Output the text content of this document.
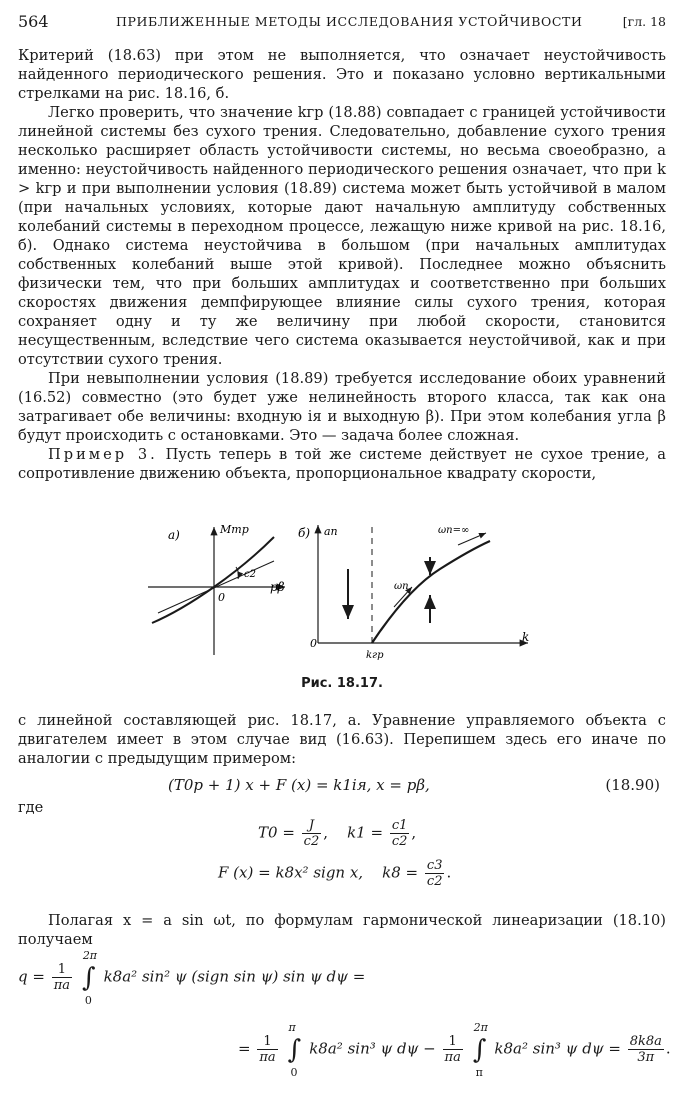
564	ПРИБЛИЖЕННЫЕ МЕТОДЫ ИССЛЕДОВАНИЯ УСТОЙЧИВОСТИ	[гл. 18

Критерий (18.63) при этом не выполняется, что означает неустойчивость найденного периодического решения. Это и показано условно вертикальными стрелками на рис. 18.16, б.

Легко проверить, что значение kгр (18.88) совпадает с границей устойчивости линейной системы без сухого трения. Следовательно, добавление сухого трения несколько расширяет область устойчивости системы, но весьма своеобразно, а именно: неустойчивость найденного периодического решения означает, что при k > kгр и при выполнении условия (18.89) система может быть устойчивой в малом (при начальных условиях, которые дают начальную амплитуду собственных колебаний системы в переходном процессе, лежащую ниже кривой на рис. 18.16, б). Однако система неустойчива в большом (при начальных амплитудах собственных колебаний выше этой кривой). Последнее можно объяснить физически тем, что при больших амплитудах и соответственно при больших скоростях движения демпфирующее влияние силы сухого трения, которая сохраняет одну и ту же величину при любой скорости, становится несущественным, вследствие чего система оказывается неустойчивой, как и при отсутствии сухого трения.

При невыполнении условия (18.89) требуется исследование обоих уравнений (16.52) совместно (это будет уже нелинейность второго класса, так как она затрагивает обе величины: входную iя и выходную β). При этом колебания угла β будут происходить с остановками. Это — задача более сложная.

Пример 3. Пусть теперь в той же системе действует не сухое трение, а сопротивление движению объекта, пропорциональное квадрату скорости,

а)	Mтр
pβ
0
c2
б) aп
k
0
kгр
ωп
ωп=∞
Рис. 18.17.

с линейной составляющей рис. 18.17, а. Уравнение управляемого объекта с двигателем имеет в этом случае вид (16.63). Перепишем здесь его иначе по аналогии с предыдущим примером:

(T0p + 1) x + F (x) = k1iя, x = pβ,	(18.90)

где

$T0 = \frac{J}{c2}$ ,    $k1 = \frac{c1}{c2}$ ,
F (x) = k8x² sign x, $k8 = \frac{c3}{c2}$ .

Полагая x = a sin ωt, по формулам гармонической линеаризации (18.10) получаем

$q = \frac{1}{\pi a}$ ∫
2π
0
k8a² sin² ψ (sign sin ψ) sin ψ dψ =
= $\frac{1}{\pi a}$ ∫
π
0
k8a² sin³ ψ $d\psi - \frac{1}{\pi a}$ ∫
2π
π
k8a² sin³ ψ $d\psi = \frac{8k8a}{3\pi}$ .
